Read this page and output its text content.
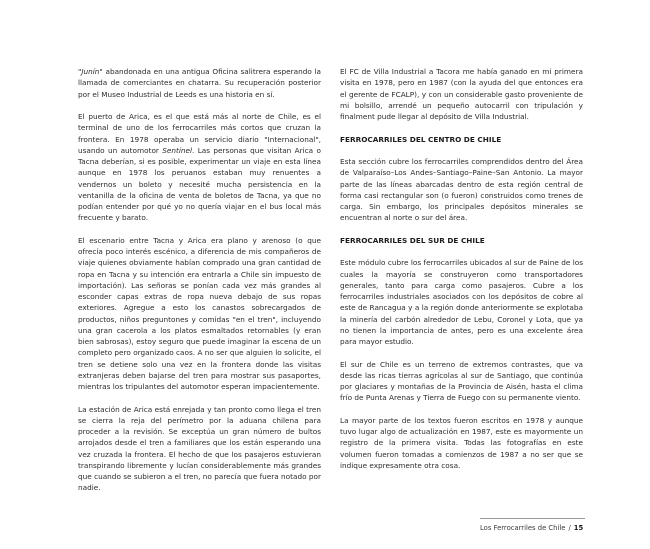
"Junín" abandonada en una antigua Oficina salitrera esperando la llamada de comerciantes en chatarra. Su recuperación posterior por el Museo Industrial de Leeds es una historia en sí.

El puerto de Arica, es el que está más al norte de Chile, es el terminal de uno de los ferrocarriles más cortos que cruzan la frontera. En 1978 operaba un servicio diario "Internacional", usando un automotor Sentinel. Las personas que visitan Arica o Tacna deberían, si es posible, experimentar un viaje en esta línea aunque en 1978 los peruanos estaban muy renuentes a vendernos un boleto y necesité mucha persistencia en la ventanilla de la oficina de venta de boletos de Tacna, ya que no podían entender por qué yo no quería viajar en el bus local más frecuente y barato.

El escenario entre Tacna y Arica era plano y arenoso (o que ofrecía poco interés escénico, a diferencia de mis compañeros de viaje quienes obviamente habían comprado una gran cantidad de ropa en Tacna y su intención era entrarla a Chile sin impuesto de importación). Las señoras se ponían cada vez más grandes al esconder capas extras de ropa nueva debajo de sus ropas exteriores. Agregue a esto los canastos sobrecargados de productos, niños preguntones y comidas "en el tren", incluyendo una gran cacerola a los platos esmaltados retornables (y eran bien sabrosas), estoy seguro que puede imaginar la escena de un completo pero organizado caos. A no ser que alguien lo solicite, el tren se detiene solo una vez en la frontera donde las visitas extranjeras deben bajarse del tren para mostrar sus pasaportes, mientras los tripulantes del automotor esperan impacientemente.

La estación de Arica está enrejada y tan pronto como llega el tren se cierra la reja del perímetro por la aduana chilena para proceder a la revisión. Se exceptúa un gran número de bultos arrojados desde el tren a familiares que los están esperando una vez cruzada la frontera. El hecho de que los pasajeros estuvieran transpirando libremente y lucían considerablemente más grandes que cuando se subieron a el tren, no parecía que fuera notado por nadie.

El FC de Villa Industrial a Tacora me había ganado en mi primera visita en 1978, pero en 1987 (con la ayuda del que entonces era el gerente de FCALP), y con un considerable gasto proveniente de mi bolsillo, arrendé un pequeño autocarril con tripulación y finalment pude llegar al depósito de Villa Industrial.

FERROCARRILES DEL CENTRO DE CHILE

Esta sección cubre los ferrocarriles comprendidos dentro del Área de Valparaíso–Los Andes–Santiago–Paine–San Antonio. La mayor parte de las líneas abarcadas dentro de esta región central de forma casi rectangular son (o fueron) construidos como trenes de carga. Sin embargo, los principales depósitos minerales se encuentran al norte o sur del área.

FERROCARRILES DEL SUR DE CHILE

Este módulo cubre los ferrocarriles ubicados al sur de Paine de los cuales la mayoría se construyeron como transportadores generales, tanto para carga como pasajeros. Cubre a los ferrocarriles industriales asociados con los depósitos de cobre al este de Rancagua y a la región donde anteriormente se explotaba la minería del carbón alrededor de Lebu, Coronel y Lota, que ya no tienen la importancia de antes, pero es una excelente área para mayor estudio.

El sur de Chile es un terreno de extremos contrastes, que va desde las ricas tierras agrícolas al sur de Santiago, que continúa por glaciares y montañas de la Provincia de Aisén, hasta el clima frío de Punta Arenas y Tierra de Fuego con su permanente viento.

La mayor parte de los textos fueron escritos en 1978 y aunque tuvo lugar algo de actualización en 1987, este es mayormente un registro de la primera visita. Todas las fotografías en este volumen fueron tomadas a comienzos de 1987 a no ser que se indique expresamente otra cosa.

Los Ferrocarriles de Chile / 15
